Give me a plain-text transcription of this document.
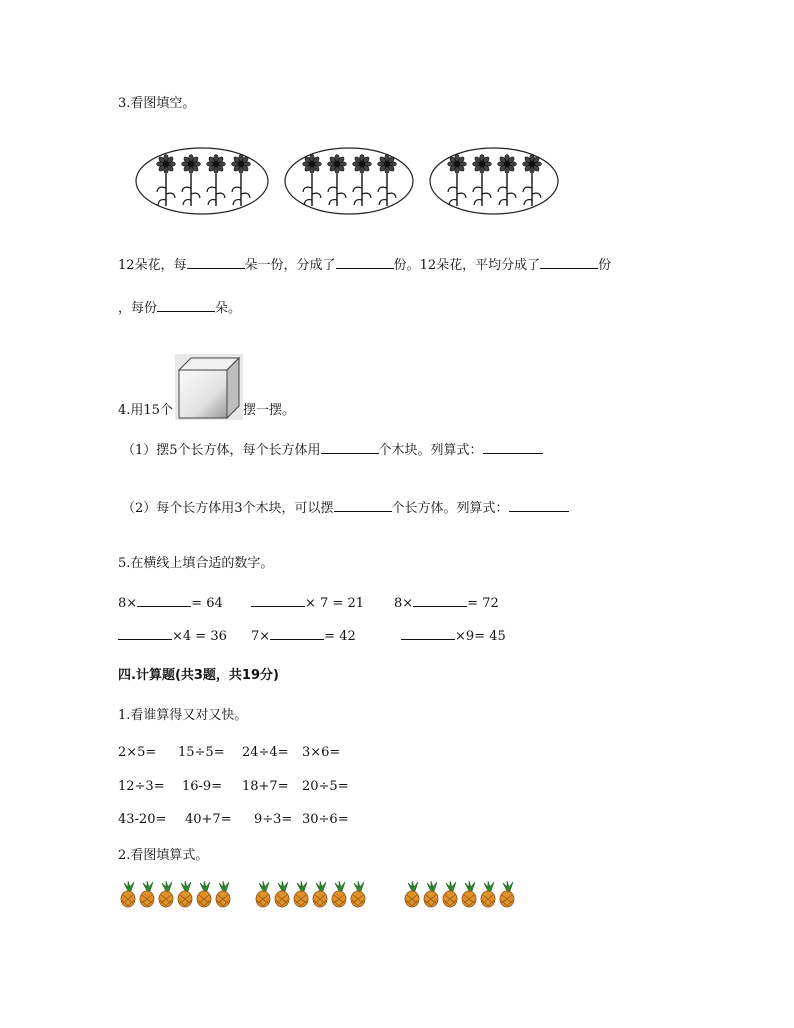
3.看图填空。
12朵花，每	朵一份，分成了	份。12朵花，平均分成了	份
，每份	朵。
4.用15个	摆一摆。
（1）摆5个长方体，每个长方体用	个木块。列算式：
（2）每个长方体用3个木块，可以摆	个长方体。列算式：
5.在横线上填合适的数字。
8×	= 64	× 7 = 21 8×	= 72
×4 = 36 7×	= 42	×9= 45
四.计算题(共3题，共19分)
1.看谁算得又对又快。
2×5= 15÷5= 24÷4= 3×6=
12÷3= 16-9= 18+7= 20÷5=
43-20= 40+7= 9÷3= 30÷6=
2.看图填算式。
